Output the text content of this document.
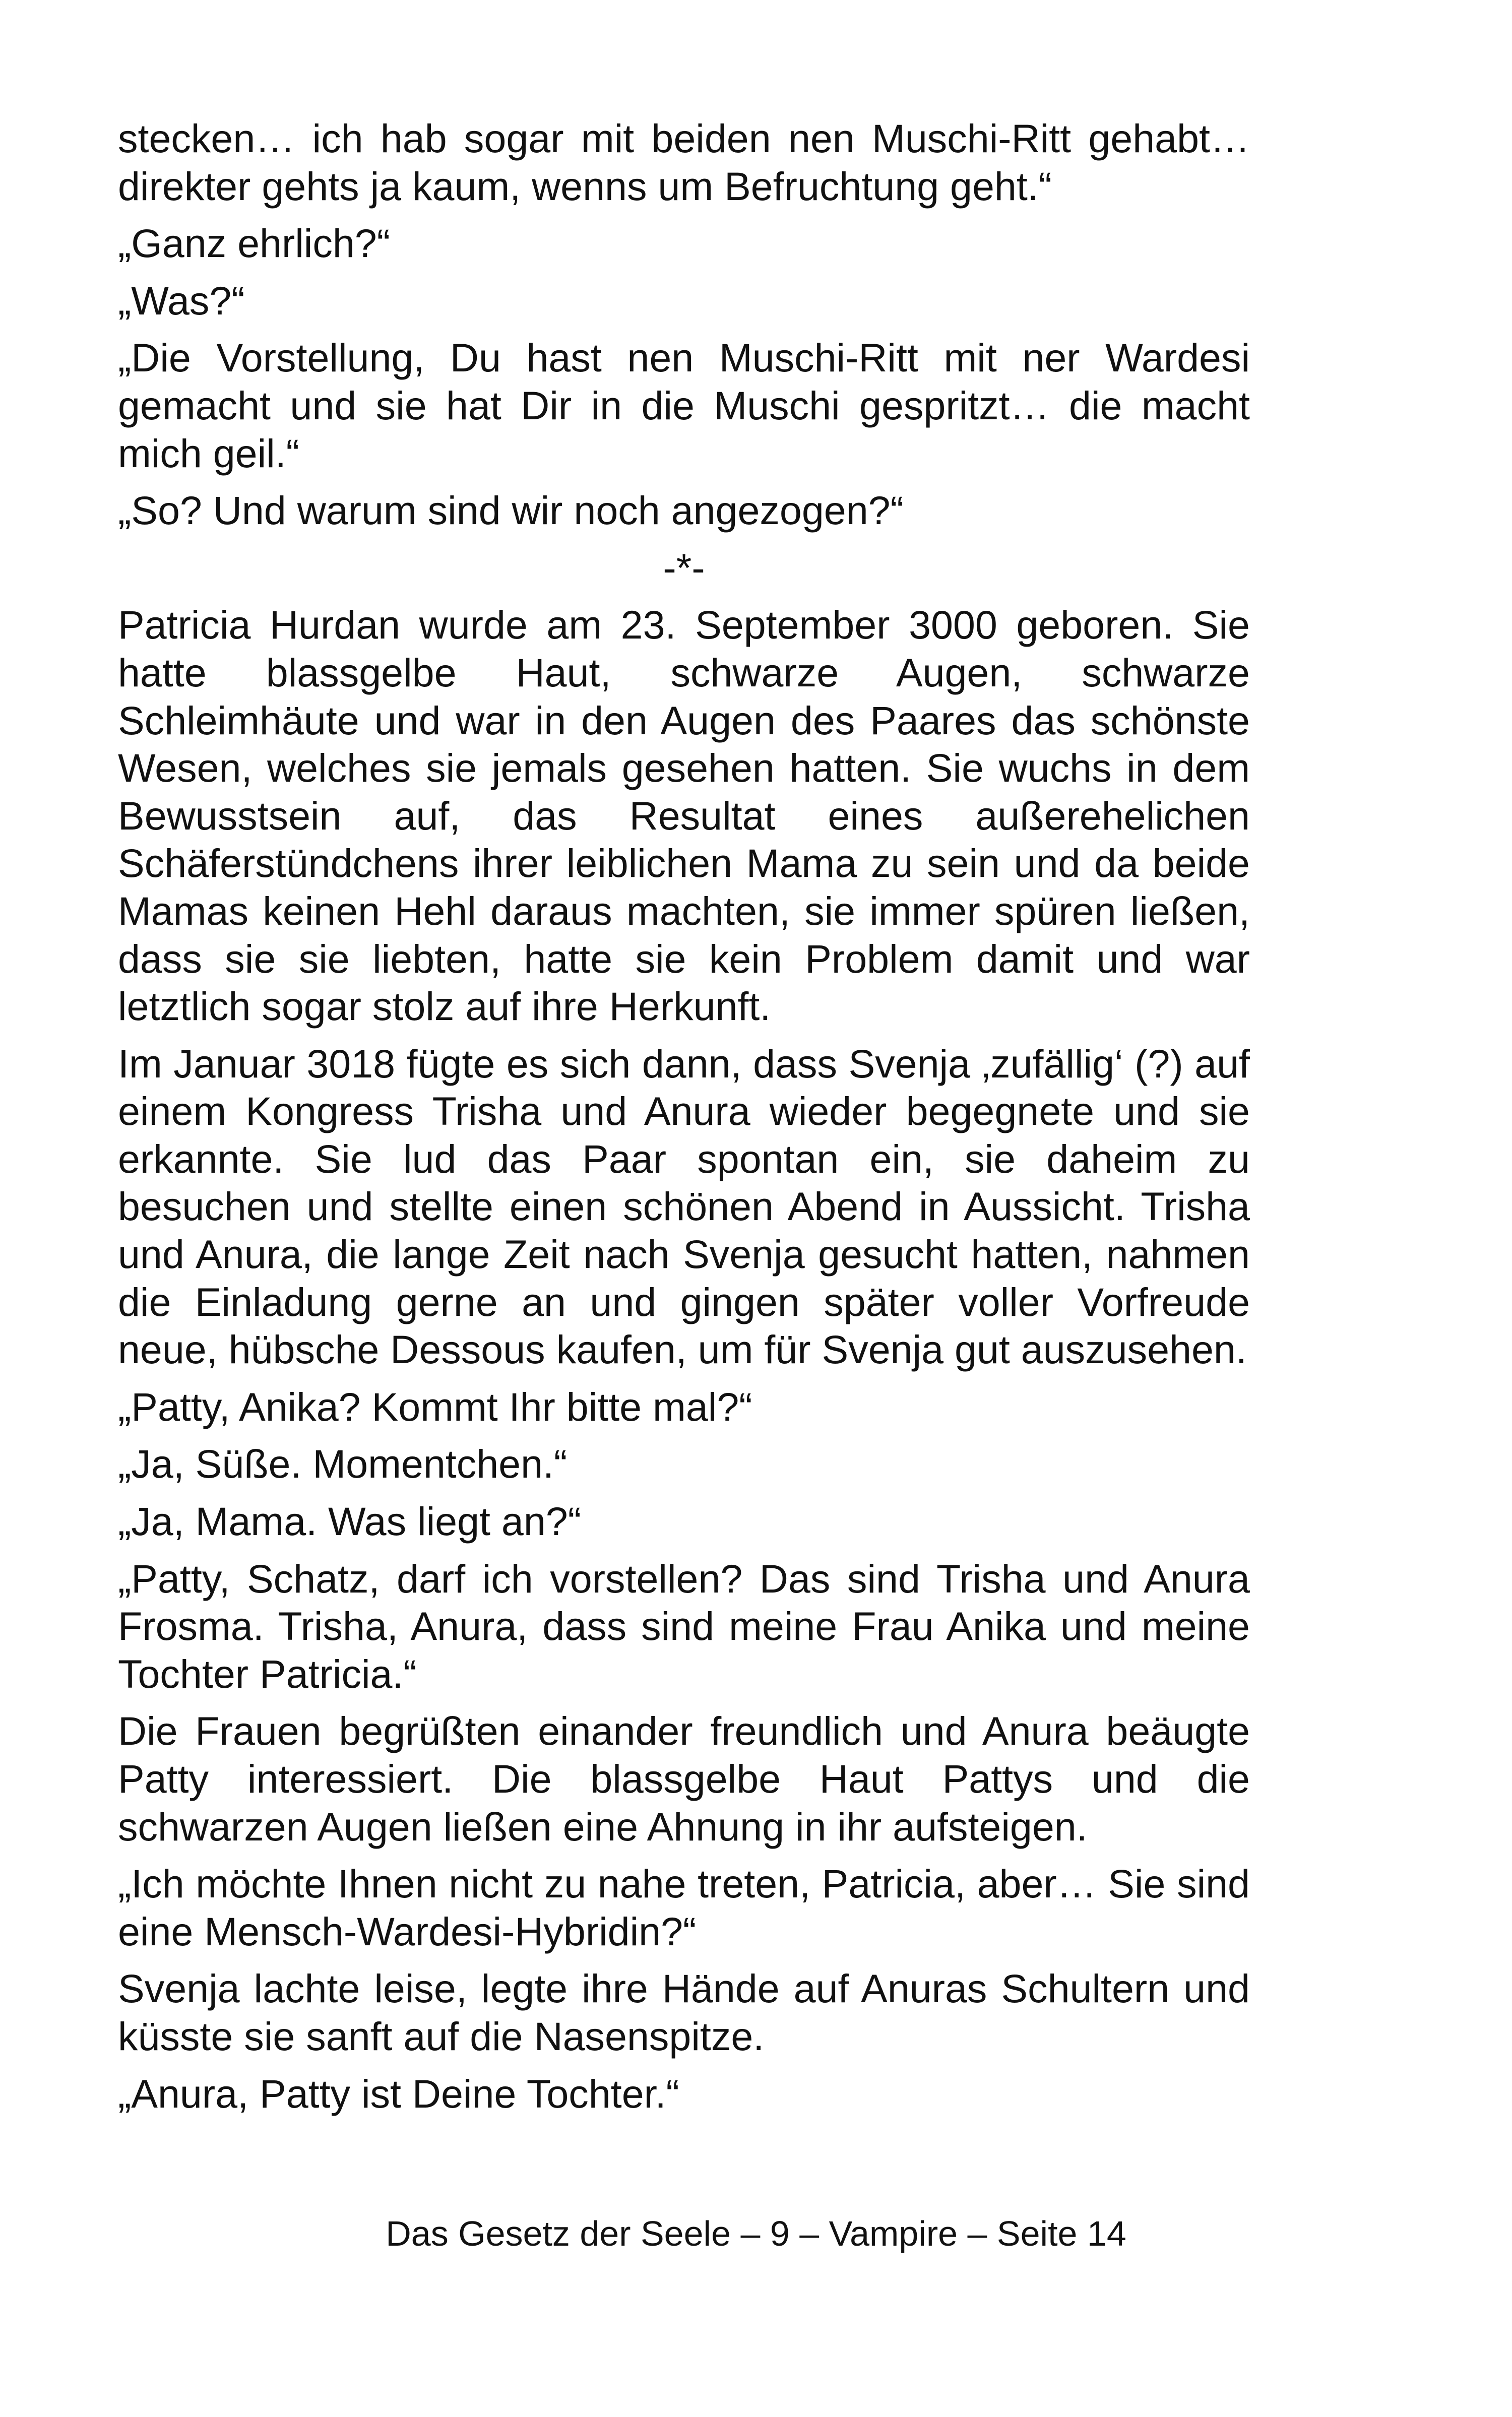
stecken… ich hab sogar mit beiden nen Muschi-Ritt gehabt… direkter gehts ja kaum, wenns um Befruchtung geht.“

„Ganz ehrlich?“

„Was?“

„Die Vorstellung, Du hast nen Muschi-Ritt mit ner Wardesi gemacht und sie hat Dir in die Muschi gespritzt… die macht mich geil.“

„So? Und warum sind wir noch angezogen?“

-*-

Patricia Hurdan wurde am 23. September 3000 geboren. Sie hatte blassgelbe Haut, schwarze Augen, schwarze Schleimhäute und war in den Augen des Paares das schönste Wesen, welches sie jemals gesehen hatten. Sie wuchs in dem Bewusstsein auf, das Resultat eines außerehelichen Schäferstündchens ihrer leiblichen Mama zu sein und da beide Mamas keinen Hehl daraus machten, sie immer spüren ließen, dass sie sie liebten, hatte sie kein Problem damit und war letztlich sogar stolz auf ihre Herkunft.

Im Januar 3018 fügte es sich dann, dass Svenja ‚zufällig‘ (?) auf einem Kongress Trisha und Anura wieder begegnete und sie erkannte. Sie lud das Paar spontan ein, sie daheim zu besuchen und stellte einen schönen Abend in Aussicht. Trisha und Anura, die lange Zeit nach Svenja gesucht hatten, nahmen die Einladung gerne an und gingen später voller Vorfreude neue, hübsche Dessous kaufen, um für Svenja gut auszusehen.

„Patty, Anika? Kommt Ihr bitte mal?“

„Ja, Süße. Momentchen.“

„Ja, Mama. Was liegt an?“

„Patty, Schatz, darf ich vorstellen? Das sind Trisha und Anura Frosma. Trisha, Anura, dass sind meine Frau Anika und meine Tochter Patricia.“

Die Frauen begrüßten einander freundlich und Anura beäugte Patty interessiert. Die blassgelbe Haut Pattys und die schwarzen Augen ließen eine Ahnung in ihr aufsteigen.

„Ich möchte Ihnen nicht zu nahe treten, Patricia, aber… Sie sind eine Mensch-Wardesi-Hybridin?“

Svenja lachte leise, legte ihre Hände auf Anuras Schultern und küsste sie sanft auf die Nasenspitze.

„Anura, Patty ist Deine Tochter.“

Das Gesetz der Seele – 9 – Vampire – Seite 14
